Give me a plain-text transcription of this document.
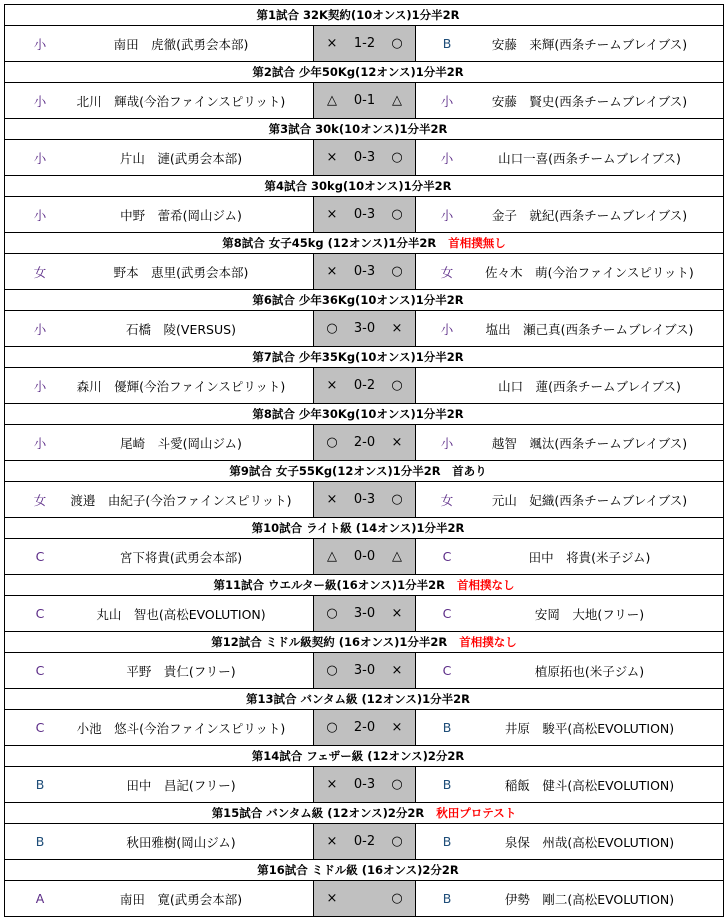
第1試合 32K契約(10オンス)1分半2R		

小 南田　虎徹(武勇会本部)	× 1-2 ○	B 安藤　来輝(西条チームブレイブス)

第2試合 少年50Kg(12オンス)1分半2R		

小 北川　輝哉(今治ファインスピリット)	△ 0-1 △	小 安藤　賢史(西条チームブレイブス)

第3試合 30k(10オンス)1分半2R		

小 片山　漣(武勇会本部)	× 0-3 ○	小 山口一喜(西条チームブレイブス)

第4試合 30kg(10オンス)1分半2R		

小 中野　蕾希(岡山ジム)	× 0-3 ○	小 金子　就紀(西条チームブレイブス)

第8試合 女子45kg (12オンス)1分半2R 首相撲無し		

女 野本　恵里(武勇会本部)	× 0-3 ○	女 佐々木　萌(今治ファインスピリット)

第6試合 少年36Kg(10オンス)1分半2R		

小 石橋　陵(VERSUS)	○ 3-0 ×	小 塩出　瀬己真(西条チームブレイブス)

第7試合 少年35Kg(10オンス)1分半2R		

小 森川　優輝(今治ファインスピリット)	× 0-2 ○	山口　蓮(西条チームブレイブス)

第8試合 少年30Kg(10オンス)1分半2R		

小 尾崎　斗愛(岡山ジム)	○ 2-0 ×	小 越智　颯汰(西条チームブレイブス)

第9試合 女子55Kg(12オンス)1分半2R　首あり		

女 渡邉　由紀子(今治ファインスピリット)	× 0-3 ○	女 元山　妃織(西条チームブレイブス)

第10試合 ライト級 (14オンス)1分半2R		

C 宮下将貴(武勇会本部)	△ 0-0 △	C 田中　将貴(米子ジム)

第11試合 ウエルター級(16オンス)1分半2R 首相撲なし		

C 丸山　智也(高松EVOLUTION)	○ 3-0 ×	C 安岡　大地(フリー)

第12試合 ミドル級契約 (16オンス)1分半2R 首相撲なし		

C 平野　貴仁(フリー)	○ 3-0 ×	C 植原拓也(米子ジム)

第13試合 バンタム級 (12オンス)1分半2R		

C 小池　悠斗(今治ファインスピリット)	○ 2-0 ×	B 井原　駿平(高松EVOLUTION)

第14試合 フェザー級 (12オンス)2分2R		

B 田中　昌記(フリー)	× 0-3 ○	B 稲飯　健斗(高松EVOLUTION)

第15試合 バンタム級 (12オンス)2分2R 秋田プロテスト		

B 秋田雅樹(岡山ジム)	× 0-2 ○	B 泉保　州哉(高松EVOLUTION)

第16試合 ミドル級 (16オンス)2分2R		

A 南田　寛(武勇会本部)	× ○	B 伊勢　剛二(高松EVOLUTION)
